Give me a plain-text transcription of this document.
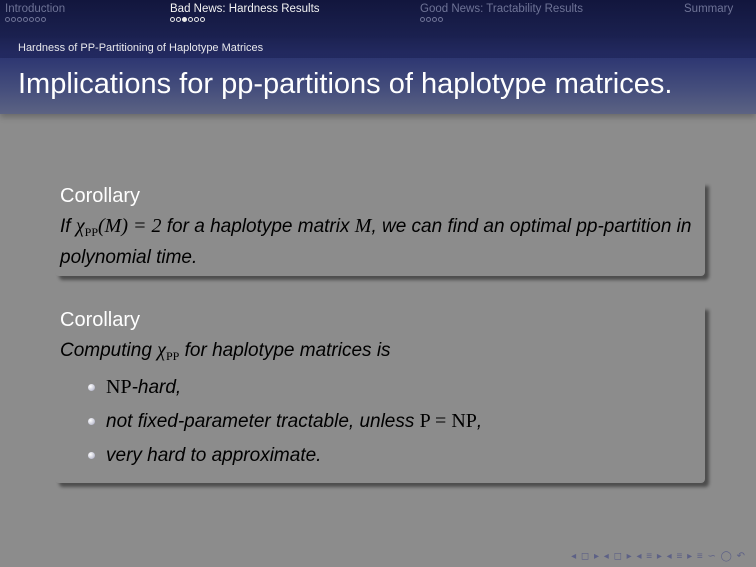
Introduction	Bad News: Hardness Results	Good News: Tractability Results	Summary
Hardness of PP-Partitioning of Haplotype Matrices
Implications for pp-partitions of haplotype matrices.
Corollary
If $\chi_{PP}(M) = 2$ for a haplotype matrix M, we can find an optimal pp-partition in polynomial time.
Corollary
Computing $\chi_{PP}$ for haplotype matrices is
NP-hard,
not fixed-parameter tractable, unless P = NP,
very hard to approximate.
◂ ◻ ▸ ◂ ◻ ▸ ◂ ≡ ▸ ◂ ≡ ▸ ≡ ∽ ◯ ↶
